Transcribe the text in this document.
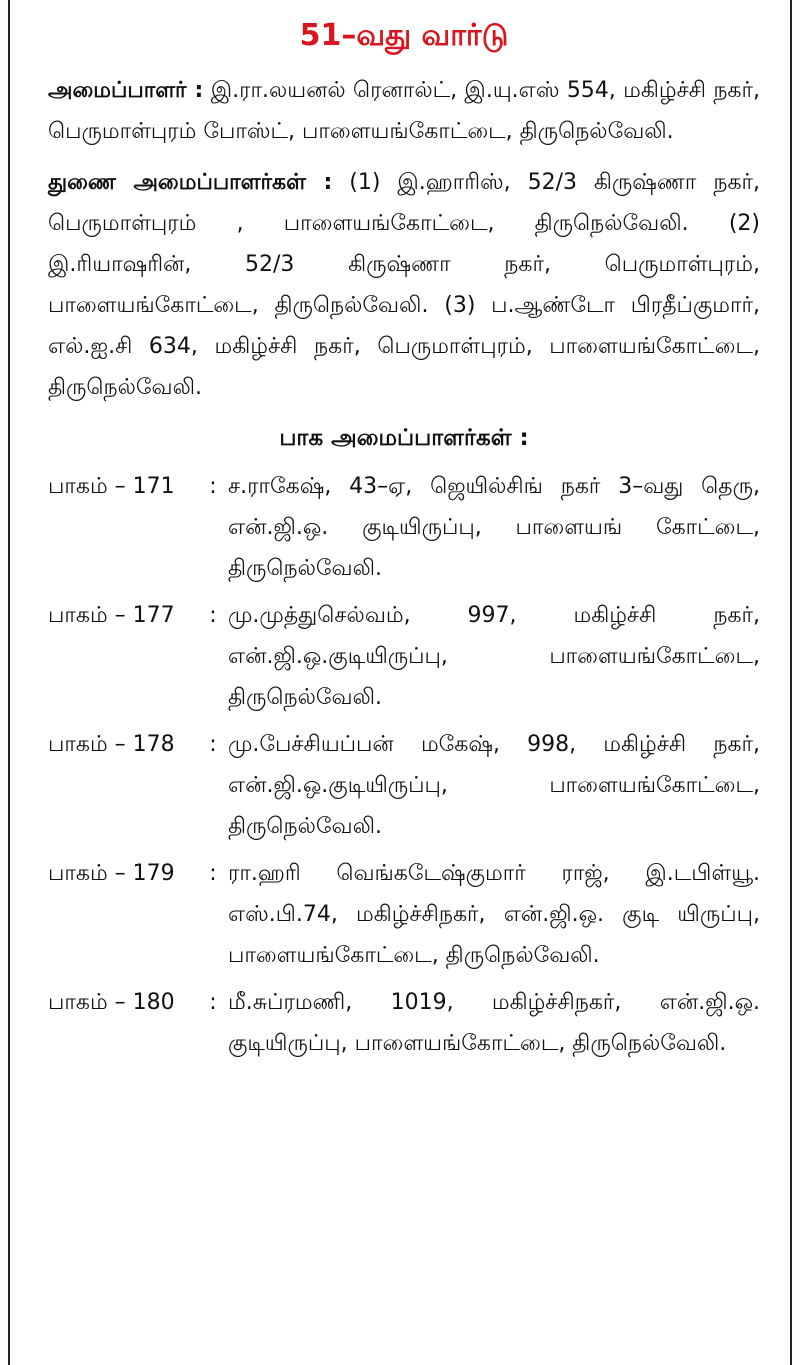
51–வது வார்டு

அமைப்பாளர் : இ.ரா.லயனல் ரெனால்ட், இ.யு.எஸ் 554, மகிழ்ச்சி நகர், பெருமாள்புரம் போஸ்ட், பாளையங்கோட்டை, திருநெல்வேலி.

துணை அமைப்பாளர்கள் : (1) இ.ஹாரிஸ், 52/3 கிருஷ்ணா நகர், பெருமாள்புரம் , பாளையங்கோட்டை, திருநெல்வேலி. (2) இ.ரியாஷரின், 52/3 கிருஷ்ணா நகர், பெருமாள்புரம், பாளையங்கோட்டை, திருநெல்வேலி. (3) ப.ஆண்டோ பிரதீப்குமார், எல்.ஐ.சி 634, மகிழ்ச்சி நகர், பெருமாள்புரம், பாளையங்கோட்டை, திருநெல்வேலி.

பாக அமைப்பாளர்கள் :
பாகம் – 171	: ச.ராகேஷ், 43–ஏ, ஜெயில்சிங் நகர் 3–வது தெரு, என்.ஜி.ஒ. குடியிருப்பு, பாளையங் கோட்டை, திருநெல்வேலி.
பாகம் – 177	: மு.முத்துசெல்வம், 997, மகிழ்ச்சி நகர், என்.ஜி.ஒ.குடியிருப்பு, பாளையங்கோட்டை, திருநெல்வேலி.
பாகம் – 178	: மு.பேச்சியப்பன் மகேஷ், 998, மகிழ்ச்சி நகர், என்.ஜி.ஒ.குடியிருப்பு, பாளையங்கோட்டை, திருநெல்வேலி.
பாகம் – 179	: ரா.ஹரி வெங்கடேஷ்குமார் ராஜ், இ.டபிள்யூ. எஸ்.பி.74, மகிழ்ச்சிநகர், என்.ஜி.ஒ. குடி யிருப்பு, பாளையங்கோட்டை, திருநெல்வேலி.
பாகம் – 180	: மீ.சுப்ரமணி, 1019, மகிழ்ச்சிநகர், என்.ஜி.ஒ. குடியிருப்பு, பாளையங்கோட்டை, திருநெல்வேலி.
